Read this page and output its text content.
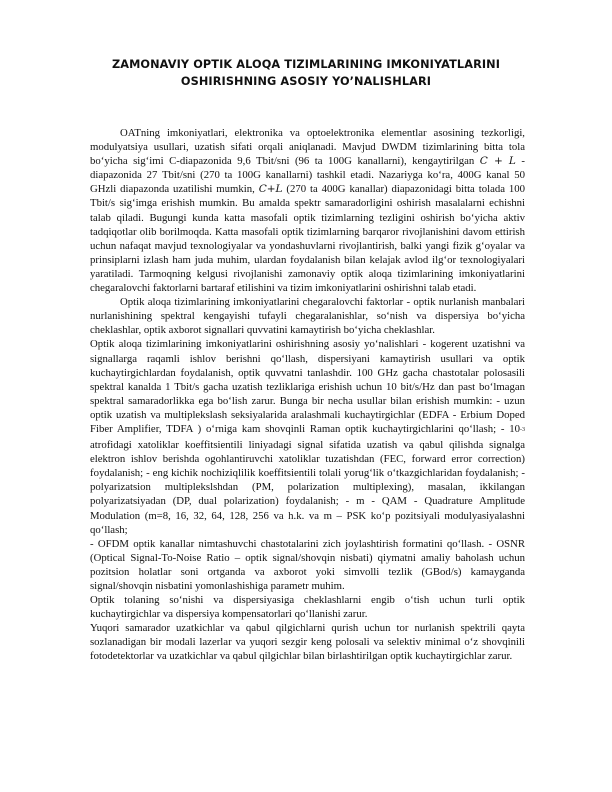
ZAMONAVIY OPTIK ALOQA TIZIMLARINING IMKONIYATLARINI
OSHIRISHNING ASOSIY YO’NALISHLARI

OATning imkoniyatlari, elektronika va optoelektronika elementlar asosining tezkorligi, modulyatsiya usullari, uzatish sifati orqali aniqlanadi. Mavjud DWDM tizimlarining bitta tola bo‘yicha sig‘imi C-diapazonida 9,6 Tbit/sni (96 ta 100G kanallarni), kengaytirilgan C + L -diapazonida 27 Tbit/sni (270 ta 100G kanallarni) tashkil etadi. Nazariyga ko‘ra, 400G kanal 50 GHzli diapazonda uzatilishi mumkin, C+L (270 ta 400G kanallar) diapazonidagi bitta tolada 100 Tbit/s sig‘imga erishish mumkin. Bu amalda spektr samaradorligini oshirish masalalarni echishni talab qiladi. Bugungi kunda katta masofali optik tizimlarning tezligini oshirish bo‘yicha aktiv tadqiqotlar olib borilmoqda. Katta masofali optik tizimlarning barqaror rivojlanishini davom ettirish uchun nafaqat mavjud texnologiyalar va yondashuvlarni rivojlantirish, balki yangi fizik g‘oyalar va prinsiplarni izlash ham juda muhim, ulardan foydalanish bilan kelajak avlod ilg‘or texnologiyalari yaratiladi. Tarmoqning kelgusi rivojlanishi zamonaviy optik aloqa tizimlarining imkoniyatlarini chegaralovchi faktorlarni bartaraf etilishini va tizim imkoniyatlarini oshirishni talab etadi.

Optik aloqa tizimlarining imkoniyatlarini chegaralovchi faktorlar - optik nurlanish manbalari nurlanishining spektral kengayishi tufayli chegaralanishlar, so‘nish va dispersiya bo‘yicha cheklashlar, optik axborot signallari quvvatini kamaytirish bo‘yicha cheklashlar.

Optik aloqa tizimlarining imkoniyatlarini oshirishning asosiy yo‘nalishlari - kogerent uzatishni va signallarga raqamli ishlov berishni qo‘llash, dispersiyani kamaytirish usullari va optik kuchaytirgichlardan foydalanish, optik quvvatni tanlashdir. 100 GHz gacha chastotalar polosasili spektral kanalda 1 Tbit/s gacha uzatish tezliklariga erishish uchun 10 bit/s/Hz dan past bo‘lmagan spektral samaradorlikka ega bo‘lish zarur. Bunga bir necha usullar bilan erishish mumkin: - uzun optik uzatish va multiplekslash seksiyalarida aralashmali kuchaytirgichlar (EDFA - Erbium Doped Fiber Amplifier, TDFA ) o‘rniga kam shovqinli Raman optik kuchaytirgichlarini qo‘llash; - 10-3 atrofidagi xatoliklar koeffitsientili liniyadagi signal sifatida uzatish va qabul qilishda signalga elektron ishlov berishda ogohlantiruvchi xatoliklar tuzatishdan (FEC, forward error correction) foydalanish; - eng kichik nochiziqlilik koeffitsientili tolali yorug‘lik o‘tkazgichlaridan foydalanish; - polyarizatsion multiplekslshdan (PM, polarization multiplexing), masalan, ikkilangan polyarizatsiyadan (DP, dual polarization) foydalanish; - m - QAM - Quadrature Amplitude Modulation (m=8, 16, 32, 64, 128, 256 va h.k. va m – PSK ko‘p pozitsiyali modulyasiyalashni qo‘llash;

- OFDM optik kanallar nimtashuvchi chastotalarini zich joylashtirish formatini qo‘llash. - OSNR (Optical Signal-To-Noise Ratio – optik signal/shovqin nisbati) qiymatni amaliy baholash uchun pozitsion holatlar soni ortganda va axborot yoki simvolli tezlik (GBod/s) kamayganda signal/shovqin nisbatini yomonlashishiga parametr muhim.

Optik tolaning so‘nishi va dispersiyasiga cheklashlarni engib o‘tish uchun turli optik kuchaytirgichlar va dispersiya kompensatorlari qo‘llanishi zarur.

Yuqori samarador uzatkichlar va qabul qilgichlarni qurish uchun tor nurlanish spektrili qayta sozlanadigan bir modali lazerlar va yuqori sezgir keng polosali va selektiv minimal o‘z shovqinili fotodetektorlar va uzatkichlar va qabul qilgichlar bilan birlashtirilgan optik kuchaytirgichlar zarur.
